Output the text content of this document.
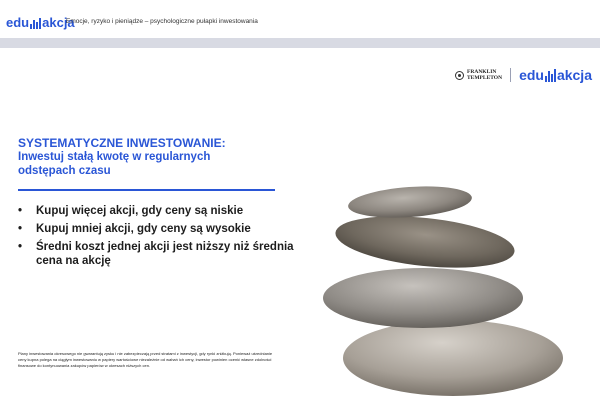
edu akcja
Emocje, ryzyko i pieniądze – psychologiczne pułapki inwestowania
FRANKLIN
TEMPLETON edu akcja
SYSTEMATYCZNE INWESTOWANIE:
Inwestuj stałą kwotę w regularnych
odstępach czasu
•	Kupuj więcej akcji, gdy ceny są niskie
•	Kupuj mniej akcji, gdy ceny są wysokie
•	Średni koszt jednej akcji jest niższy niż średnia cena na akcję
Plany inwestowania okresowego nie gwarantują zysku i nie zabezpieczają przed stratami z inwestycji, gdy rynki zniżkują. Ponieważ uśrednianie
ceny kupna polega na ciągłym inwestowaniu w papiery wartościowe niezależnie od wahań ich ceny, inwestor powinien ocenić własne zdolności
finansowe do kontynuowania zakupów papierów w okresach niższych cen.
